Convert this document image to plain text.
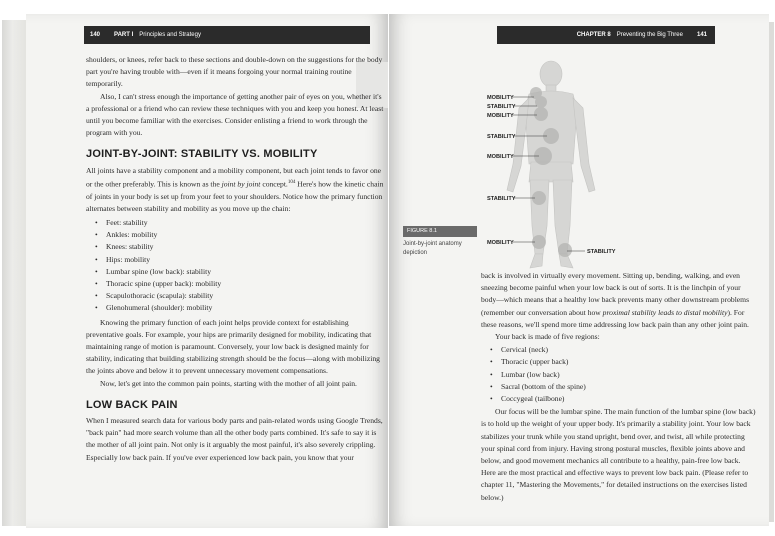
140 PART I Principles and Strategy

shoulders, or knees, refer back to these sections and double-down on the suggestions for the body part you're having trouble with—even if it means forgoing your normal training routine temporarily.

Also, I can't stress enough the importance of getting another pair of eyes on you, whether it's a professional or a friend who can review these techniques with you and keep you honest. At least until you become familiar with the exercises. Consider enlisting a friend to work through the program with you.

JOINT-BY-JOINT: STABILITY VS. MOBILITY

All joints have a stability component and a mobility component, but each joint tends to favor one or the other preferably. This is known as the joint by joint concept.$^{104}$ Here's how the kinetic chain of joints in your body is set up from your feet to your shoulders. Notice how the primary function alternates between stability and mobility as you move up the chain:

• Feet: stability
• Ankles: mobility
• Knees: stability
• Hips: mobility
• Lumbar spine (low back): stability
• Thoracic spine (upper back): mobility
• Scapulothoracic (scapula): stability
• Glenohumeral (shoulder): mobility

Knowing the primary function of each joint helps provide context for establishing preventative goals. For example, your hips are primarily designed for mobility, indicating that maintaining range of motion is paramount. Conversely, your low back is designed mainly for stability, indicating that building stabilizing strength should be the focus—along with mobilizing the joints above and below it to prevent unnecessary movement compensations.

Now, let's get into the common pain points, starting with the mother of all joint pain.

LOW BACK PAIN

When I measured search data for various body parts and pain-related words using Google Trends, "back pain" had more search volume than all the other body parts combined. It's safe to say it is the mother of all joint pain. Not only is it arguably the most painful, it's also severely crippling. Especially low back pain. If you've ever experienced low back pain, you know that your

CHAPTER 8 Preventing the Big Three 141
MOBILITY
STABILITY
MOBILITY
STABILITY
MOBILITY
STABILITY
MOBILITY
STABILITY
FIGURE 8.1
Joint-by-joint anatomy depiction

back is involved in virtually every movement. Sitting up, bending, walking, and even sneezing become painful when your low back is out of sorts. It is the linchpin of your body—which means that a healthy low back prevents many other downstream problems (remember our conversation about how proximal stability leads to distal mobility). For these reasons, we'll spend more time addressing low back pain than any other joint pain.

Your back is made of five regions:

• Cervical (neck)
• Thoracic (upper back)
• Lumbar (low back)
• Sacral (bottom of the spine)
• Coccygeal (tailbone)

Our focus will be the lumbar spine. The main function of the lumbar spine (low back) is to hold up the weight of your upper body. It's primarily a stability joint. Your low back stabilizes your trunk while you stand upright, bend over, and twist, all while protecting your spinal cord from injury. Having strong postural muscles, flexible joints above and below, and good movement mechanics all contribute to a healthy, pain-free low back. Here are the most practical and effective ways to prevent low back pain. (Please refer to chapter 11, "Mastering the Movements," for detailed instructions on the exercises listed below.)
